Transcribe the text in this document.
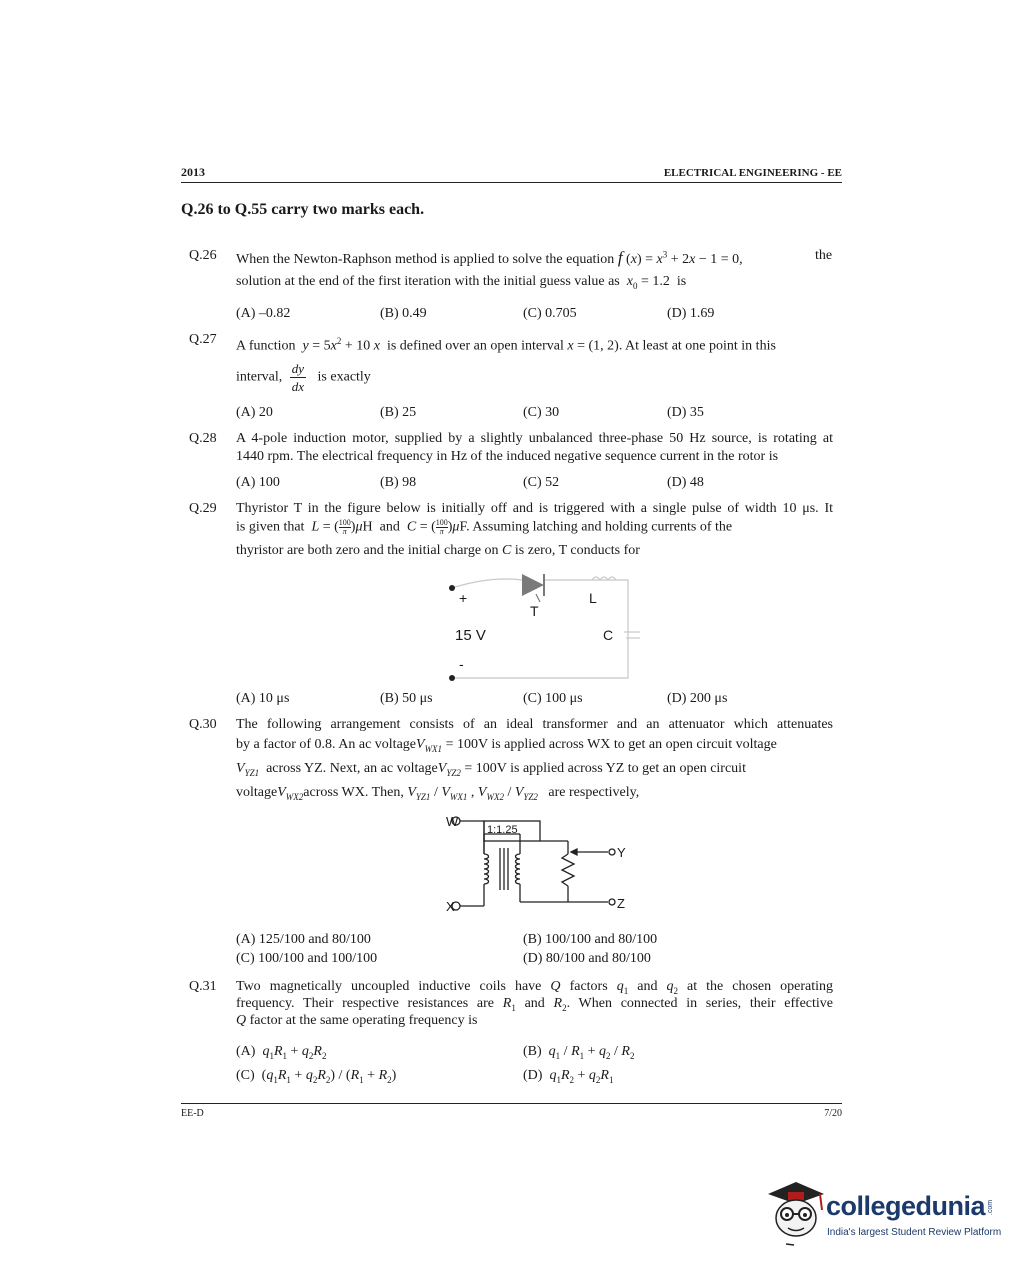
2013	ELECTRICAL ENGINEERING - EE
Q.26 to Q.55 carry two marks each.
Q.26 When the Newton-Raphson method is applied to solve the equation f $(x) = x^3 + 2x - 1 = 0$,	the
solution at the end of the first iteration with the initial guess value as $x_0 = 1.2$  is
(A) –0.82	(B) 0.49	(C) 0.705	(D) 1.69
Q.27 A function $y = 5x^2 + 10$ x is defined over an open interval x = (1, 2). At least at one point in this
interval, $\frac{dy}{dx}$ is exactly
(A) 20	(B) 25	(C) 30	(D) 35
Q.28 A 4-pole induction motor, supplied by a slightly unbalanced three-phase 50 Hz source, is rotating at
1440 rpm. The electrical frequency in Hz of the induced negative sequence current in the rotor is
(A) 100	(B) 98	(C) 52	(D) 48
Q.29 Thyristor T in the figure below is initially off and is triggered with a single pulse of width 10 μs. It
is given that L = ( $\frac{100}{\pi} )\mu H$  and C = ( $\frac{100}{\pi} )\mu F$. Assuming latching and holding currents of the
thyristor are both zero and the initial charge on C is zero, T conducts for
+
-
15 V
T
L
C
(A) 10 μs	(B) 50 μs	(C) 100 μs	(D) 200 μs
Q.30 The following arrangement consists of an ideal transformer and an attenuator which attenuates
by a factor of 0.8. An ac voltageV$_{WX1}$ = 100V is applied across WX to get an open circuit voltage
$V_{YZ1}$ across YZ. Next, an ac voltageV$_{YZ2}$ = 100V is applied across YZ to get an open circuit
voltageV$_{WX2}$across WX. Then, $V_{YZ1} / V_{WX1}$ , $V_{WX2} / V_{YZ2}$ are respectively,
W
X
Y
Z
1:1.25
(A) 125/100 and 80/100	(B) 100/100 and 80/100
(C) 100/100 and 100/100	(D) 80/100 and 80/100
Q.31 Two magnetically uncoupled inductive coils have Q factors $q_1$ and $q_2$ at the chosen operating
frequency. Their respective resistances are $R_1$ and $R_2$. When connected in series, their effective
Q factor at the same operating frequency is
(A) $q_1R_1 + q_2R_2$	(B) $q_1 / R_1 + q_2 / R_2$
(C)  $(q_1R_1 + q_2R_2) / (R_1 + R_2)$	(D) $q_1R_2 + q_2R_1$
EE-D	7/20
collegedunia .com
India's largest Student Review Platform
